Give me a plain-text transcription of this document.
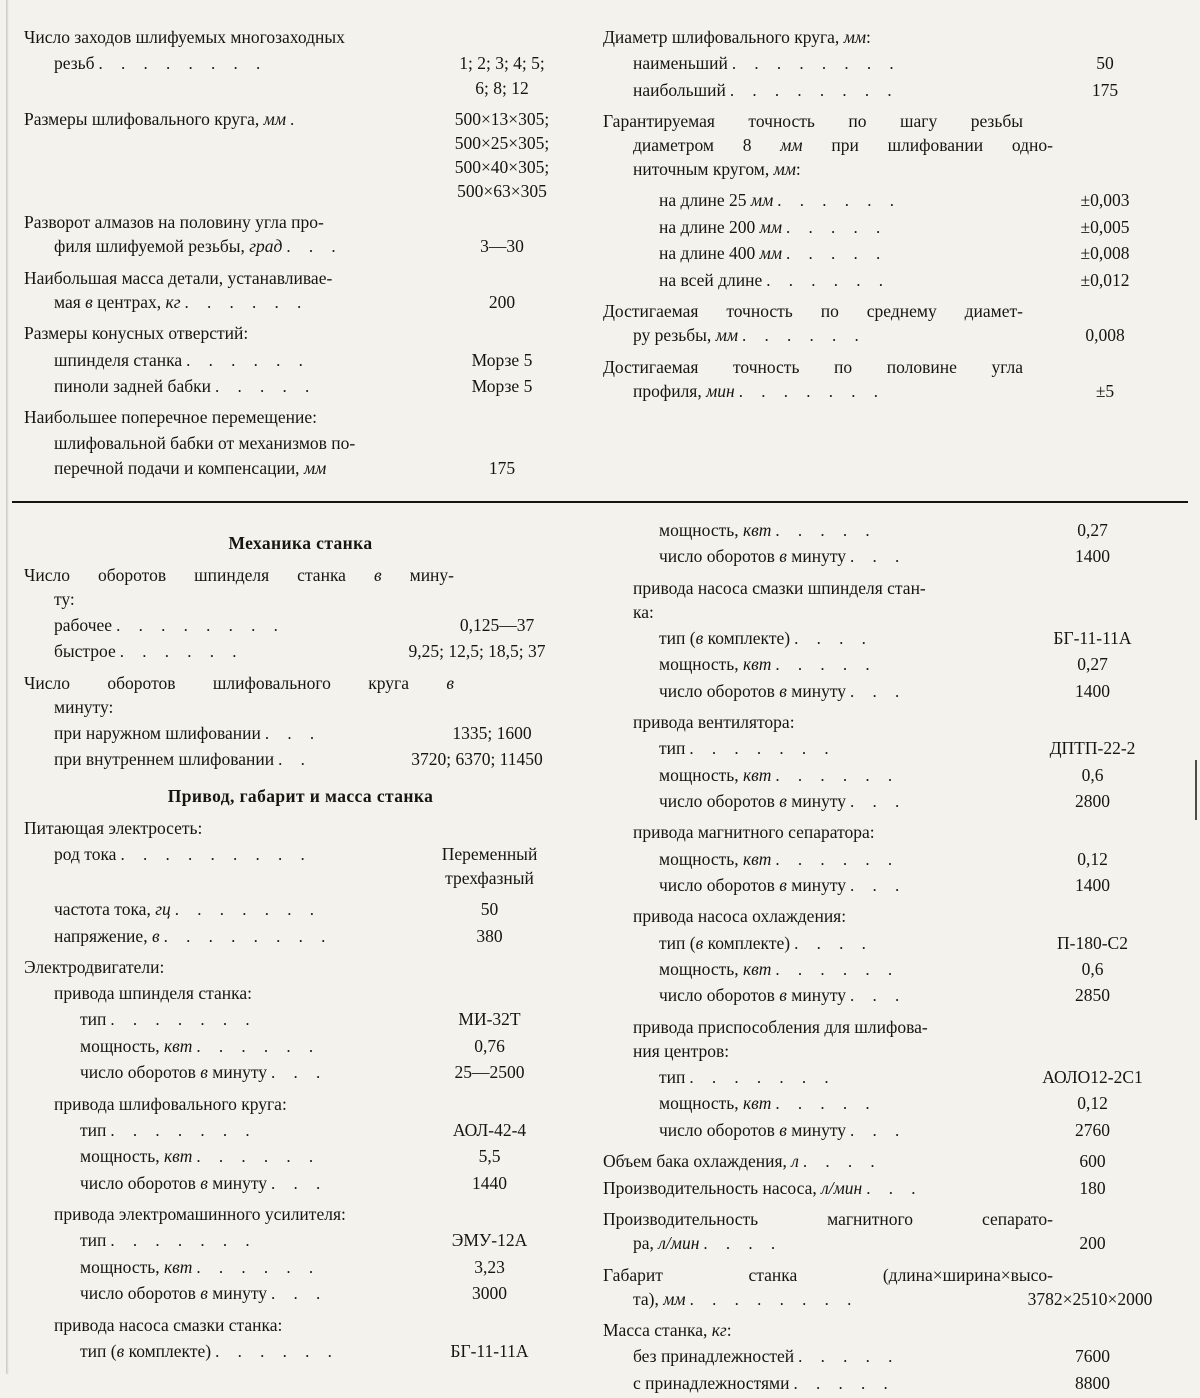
Число заходов шлифуемых многозаходных
резьб . . . . . . . .	1; 2; 3; 4; 5;
6; 8; 12
Размеры шлифовального круга, мм .	500×13×305;
500×25×305;
500×40×305;
500×63×305
Разворот алмазов на половину угла про-
филя шлифуемой резьбы, град . . .	3—30
Наибольшая масса детали, устанавливае-
мая в центрах, кг . . . . . .	200
Размеры конусных отверстий:
шпинделя станка . . . . . .	Морзе 5
пиноли задней бабки . . . . .	Морзе 5
Наибольшее поперечное перемещение:
шлифовальной бабки от механизмов по-
перечной подачи и компенсации, мм	175
Диаметр шлифовального круга, мм:
наименьший . . . . . . . .	50
наибольший . . . . . . . .	175
Гарантируемая точность по шагу резьбы
диаметром 8 мм при шлифовании одно-
ниточным кругом, мм:
на длине 25 мм . . . . . .	±0,003
на длине 200 мм . . . . .	±0,005
на длине 400 мм . . . . .	±0,008
на всей длине . . . . . .	±0,012
Достигаемая точность по среднему диамет-
ру резьбы, мм . . . . . .	0,008
Достигаемая точность по половине угла
профиля, мин . . . . . . .	±5
Механика станка
Число оборотов шпинделя станка в мину-
ту:
рабочее . . . . . . . .	0,125—37
быстрое . . . . . .	9,25; 12,5; 18,5; 37
Число оборотов шлифовального круга в
минуту:
при наружном шлифовании . . .	1335; 1600
при внутреннем шлифовании . .	3720; 6370; 11450
Привод, габарит и масса станка
Питающая электросеть:
род тока . . . . . . . . .	Переменный
трехфазный
частота тока, гц . . . . . . .	50
напряжение, в . . . . . . . .	380
Электродвигатели:
привода шпинделя станка:
тип . . . . . . .	МИ-32Т
мощность, квт . . . . . .	0,76
число оборотов в минуту . . .	25—2500
привода шлифовального круга:
тип . . . . . . .	АОЛ-42-4
мощность, квт . . . . . .	5,5
число оборотов в минуту . . .	1440
привода электромашинного усилителя:
тип . . . . . . .	ЭМУ-12А
мощность, квт . . . . . .	3,23
число оборотов в минуту . . .	3000
привода насоса смазки станка:
тип (в комплекте) . . . . . .	БГ-11-11А
мощность, квт . . . . .	0,27
число оборотов в минуту . . .	1400
привода насоса смазки шпинделя стан-
ка:
тип (в комплекте) . . . .	БГ-11-11А
мощность, квт . . . . .	0,27
число оборотов в минуту . . .	1400
привода вентилятора:
тип . . . . . . .	ДПТП-22-2
мощность, квт . . . . . .	0,6
число оборотов в минуту . . .	2800
привода магнитного сепаратора:
мощность, квт . . . . . .	0,12
число оборотов в минуту . . .	1400
привода насоса охлаждения:
тип (в комплекте) . . . .	П-180-С2
мощность, квт . . . . . .	0,6
число оборотов в минуту . . .	2850
привода приспособления для шлифова-
ния центров:
тип . . . . . . .	АОЛО12-2С1
мощность, квт . . . . .	0,12
число оборотов в минуту . . .	2760
Объем бака охлаждения, л . . . .	600
Производительность насоса, л/мин . . .	180
Производительность магнитного сепарато-
ра, л/мин . . . .	200
Габарит станка (длина×ширина×высо-
та), мм . . . . . . . .	3782×2510×2000
Масса станка, кг:
без принадлежностей . . . . .	7600
с принадлежностями . . . . .	8800
